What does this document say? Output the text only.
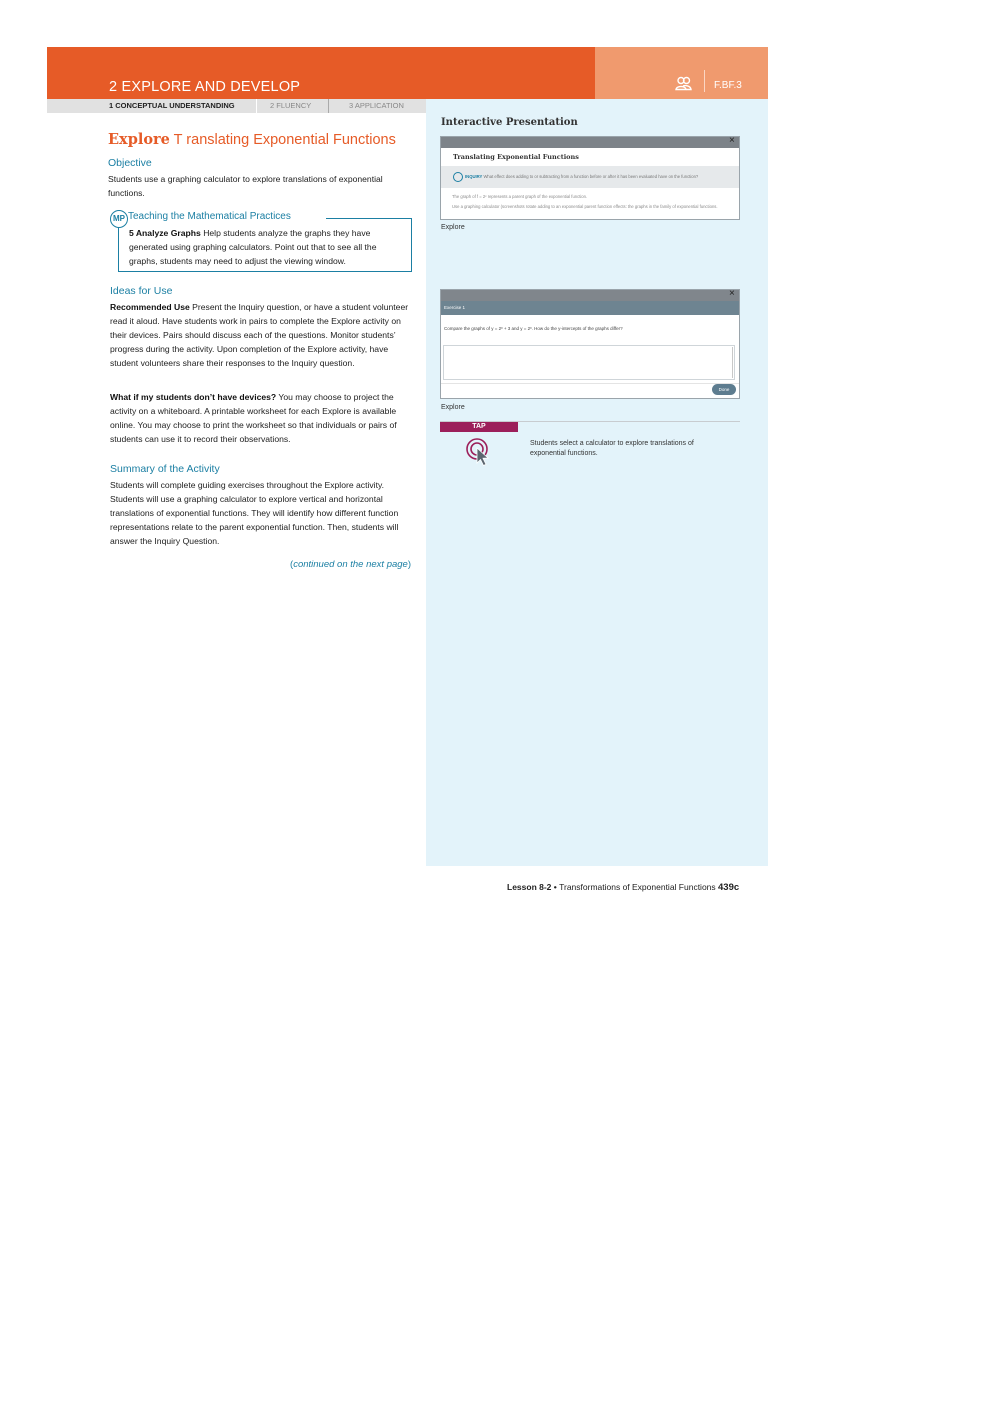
2 EXPLORE AND DEVELOP	F.BF.3
1 CONCEPTUAL UNDERSTANDING	2 FLUENCY	3 APPLICATION
Explore T ranslating Exponential Functions
Objective
Students use a graphing calculator to explore translations of exponential functions.
MP Teaching the Mathematical Practices
5 Analyze Graphs Help students analyze the graphs they have generated using graphing calculators. Point out that to see all the graphs, students may need to adjust the viewing window.
Ideas for Use
Recommended Use Present the Inquiry question, or have a student volunteer read it aloud. Have students work in pairs to complete the Explore activity on their devices. Pairs should discuss each of the questions. Monitor students’ progress during the activity. Upon completion of the Explore activity, have student volunteers share their responses to the Inquiry question.
What if my students don’t have devices? You may choose to project the activity on a whiteboard. A printable worksheet for each Explore is available online. You may choose to print the worksheet so that individuals or pairs of students can use it to record their observations.
Summary of the Activity
Students will complete guiding exercises throughout the Explore activity. Students will use a graphing calculator to explore vertical and horizontal translations of exponential functions. They will identify how different function representations relate to the parent exponential function. Then, students will answer the Inquiry Question.
(continued on the next page)
Interactive Presentation
×
Translating Exponential Functions
INQUIRY What effect does adding to or subtracting from a function before or after it has been evaluated have on the function?
The graph of f = 2ˣ represents a parent graph of the exponential function.
Use a graphing calculator (screenshots rotate adding to an exponential parent function effects: the graphs in the family of exponential functions.
Explore
×
Exercise 1
Compare the graphs of y = 2ˣ + 3 and y = 2ˣ. How do the y-intercepts of the graphs differ?
Done
Explore
TAP
Students select a calculator to explore translations of exponential functions.
Lesson 8-2 • Transformations of Exponential Functions 439c
